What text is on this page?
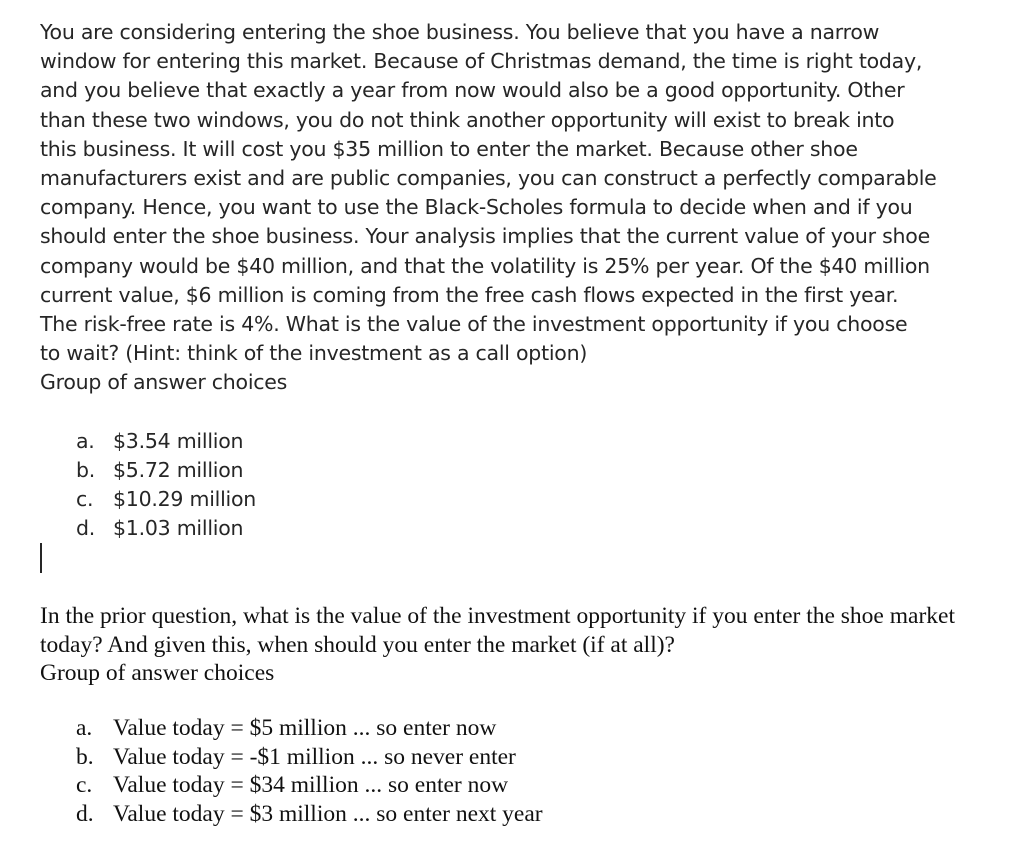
You are considering entering the shoe business. You believe that you have a narrow
window for entering this market. Because of Christmas demand, the time is right today,
and you believe that exactly a year from now would also be a good opportunity. Other
than these two windows, you do not think another opportunity will exist to break into
this business. It will cost you $35 million to enter the market. Because other shoe
manufacturers exist and are public companies, you can construct a perfectly comparable
company. Hence, you want to use the Black-Scholes formula to decide when and if you
should enter the shoe business. Your analysis implies that the current value of your shoe
company would be $40 million, and that the volatility is 25% per year. Of the $40 million
current value, $6 million is coming from the free cash flows expected in the first year.
The risk-free rate is 4%. What is the value of the investment opportunity if you choose
to wait? (Hint: think of the investment as a call option)
Group of answer choices
a. $3.54 million
b. $5.72 million
c. $10.29 million
d. $1.03 million
In the prior question, what is the value of the investment opportunity if you enter the shoe market
today? And given this, when should you enter the market (if at all)?
Group of answer choices
a. Value today = $5 million ... so enter now
b. Value today = -$1 million ... so never enter
c. Value today = $34 million ... so enter now
d. Value today = $3 million ... so enter next year
